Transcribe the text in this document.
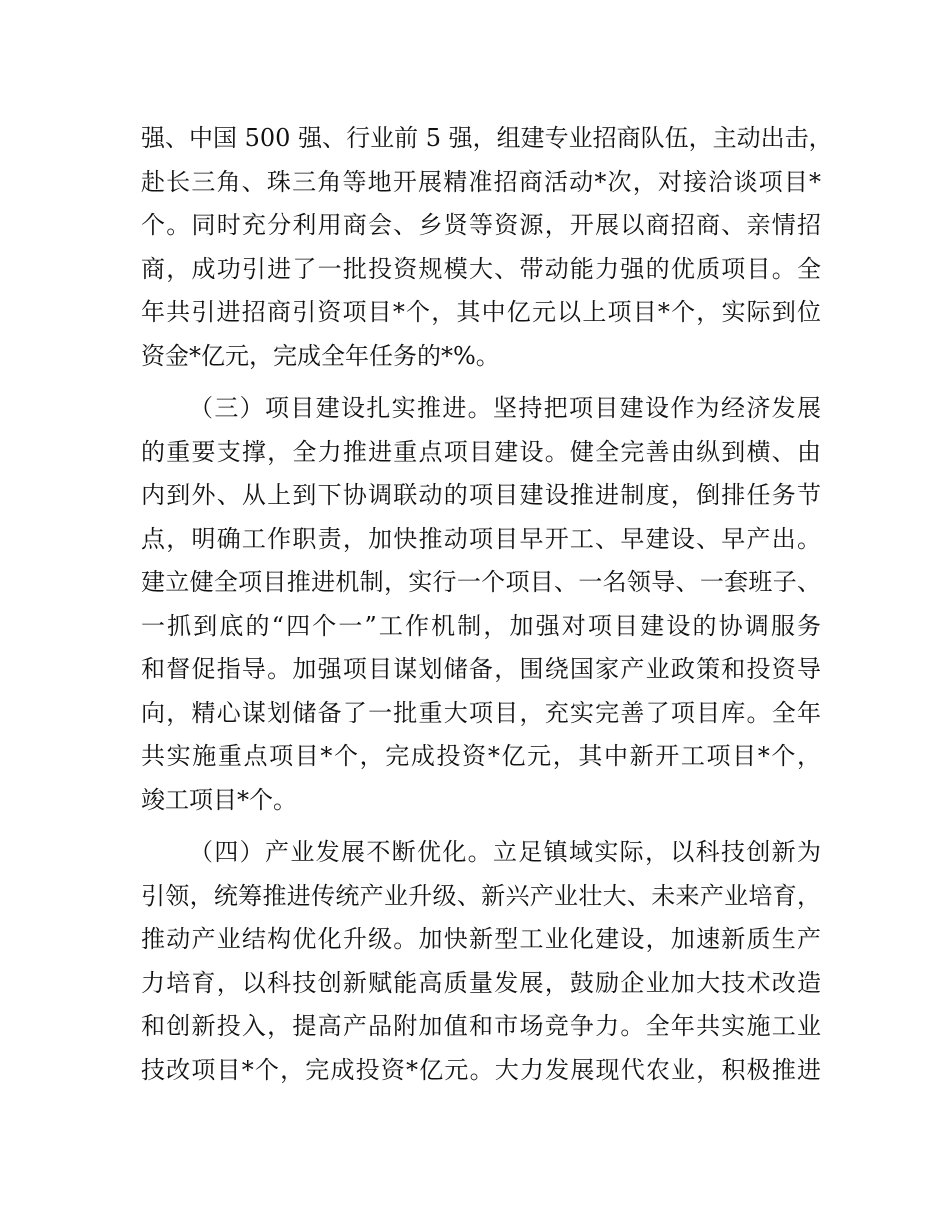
强、中国 500 强、行业前 5 强，组建专业招商队伍，主动出击，
赴长三角、珠三角等地开展精准招商活动*次，对接洽谈项目*
个。同时充分利用商会、乡贤等资源，开展以商招商、亲情招
商，成功引进了一批投资规模大、带动能力强的优质项目。全
年共引进招商引资项目*个，其中亿元以上项目*个，实际到位
资金*亿元，完成全年任务的*%。
（三）项目建设扎实推进。坚持把项目建设作为经济发展
的重要支撑，全力推进重点项目建设。健全完善由纵到横、由
内到外、从上到下协调联动的项目建设推进制度，倒排任务节
点，明确工作职责，加快推动项目早开工、早建设、早产出。
建立健全项目推进机制，实行一个项目、一名领导、一套班子、
一抓到底的“四个一”工作机制，加强对项目建设的协调服务
和督促指导。加强项目谋划储备，围绕国家产业政策和投资导
向，精心谋划储备了一批重大项目，充实完善了项目库。全年
共实施重点项目*个，完成投资*亿元，其中新开工项目*个，
竣工项目*个。
（四）产业发展不断优化。立足镇域实际，以科技创新为
引领，统筹推进传统产业升级、新兴产业壮大、未来产业培育，
推动产业结构优化升级。加快新型工业化建设，加速新质生产
力培育，以科技创新赋能高质量发展，鼓励企业加大技术改造
和创新投入，提高产品附加值和市场竞争力。全年共实施工业
技改项目*个，完成投资*亿元。大力发展现代农业，积极推进
